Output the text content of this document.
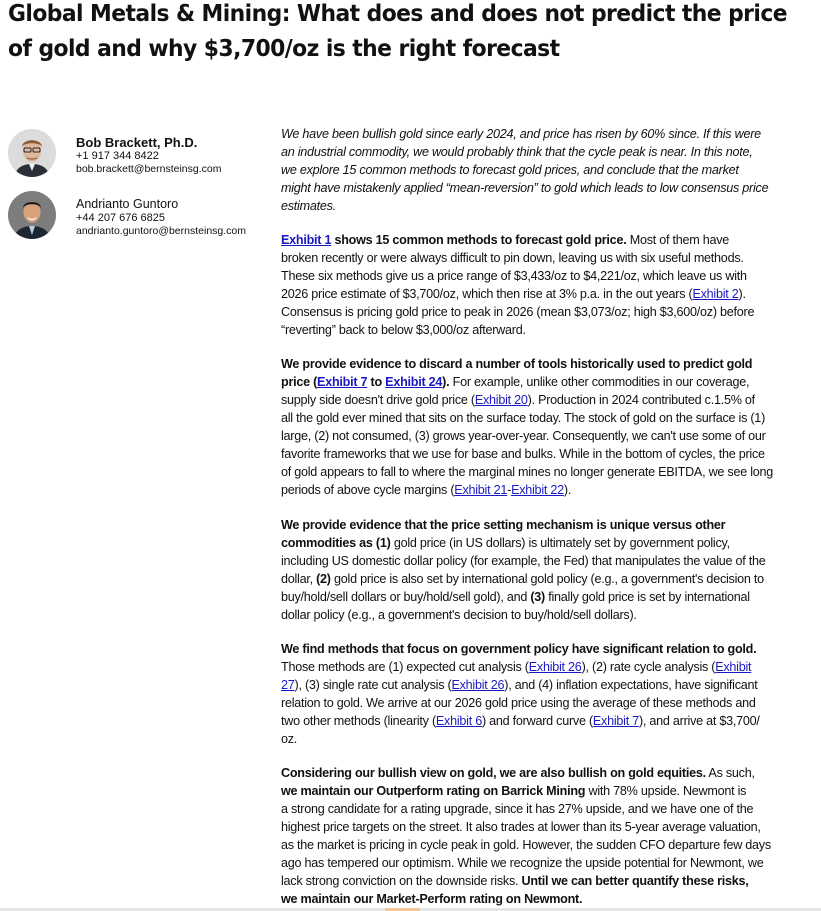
Global Metals & Mining: What does and does not predict the price
of gold and why $3,700/oz is the right forecast
Bob Brackett, Ph.D.
+1 917 344 8422
bob.brackett@bernsteinsg.com
Andrianto Guntoro
+44 207 676 6825
andrianto.guntoro@bernsteinsg.com

We have been bullish gold since early 2024, and price has risen by 60% since. If this were
an industrial commodity, we would probably think that the cycle peak is near. In this note,
we explore 15 common methods to forecast gold prices, and conclude that the market
might have mistakenly applied “mean-reversion” to gold which leads to low consensus price
estimates.

Exhibit 1 shows 15 common methods to forecast gold price. Most of them have
broken recently or were always difficult to pin down, leaving us with six useful methods.
These six methods give us a price range of $3,433/oz to $4,221/oz, which leave us with
2026 price estimate of $3,700/oz, which then rise at 3% p.a. in the out years (Exhibit 2).
Consensus is pricing gold price to peak in 2026 (mean $3,073/oz; high $3,600/oz) before
“reverting” back to below $3,000/oz afterward.

We provide evidence to discard a number of tools historically used to predict gold
price (Exhibit 7 to Exhibit 24). For example, unlike other commodities in our coverage,
supply side doesn't drive gold price (Exhibit 20). Production in 2024 contributed c.1.5% of
all the gold ever mined that sits on the surface today. The stock of gold on the surface is (1)
large, (2) not consumed, (3) grows year-over-year. Consequently, we can't use some of our
favorite frameworks that we use for base and bulks. While in the bottom of cycles, the price
of gold appears to fall to where the marginal mines no longer generate EBITDA, we see long
periods of above cycle margins (Exhibit 21-Exhibit 22).

We provide evidence that the price setting mechanism is unique versus other
commodities as (1) gold price (in US dollars) is ultimately set by government policy,
including US domestic dollar policy (for example, the Fed) that manipulates the value of the
dollar, (2) gold price is also set by international gold policy (e.g., a government's decision to
buy/hold/sell dollars or buy/hold/sell gold), and (3) finally gold price is set by international
dollar policy (e.g., a government's decision to buy/hold/sell dollars).

We find methods that focus on government policy have significant relation to gold.
Those methods are (1) expected cut analysis (Exhibit 26), (2) rate cycle analysis (Exhibit
27), (3) single rate cut analysis (Exhibit 26), and (4) inflation expectations, have significant
relation to gold. We arrive at our 2026 gold price using the average of these methods and
two other methods (linearity (Exhibit 6) and forward curve (Exhibit 7), and arrive at $3,700/
oz.

Considering our bullish view on gold, we are also bullish on gold equities. As such,
we maintain our Outperform rating on Barrick Mining with 78% upside. Newmont is
a strong candidate for a rating upgrade, since it has 27% upside, and we have one of the
highest price targets on the street. It also trades at lower than its 5-year average valuation,
as the market is pricing in cycle peak in gold. However, the sudden CFO departure few days
ago has tempered our optimism. While we recognize the upside potential for Newmont, we
lack strong conviction on the downside risks. Until we can better quantify these risks,
we maintain our Market-Perform rating on Newmont.
